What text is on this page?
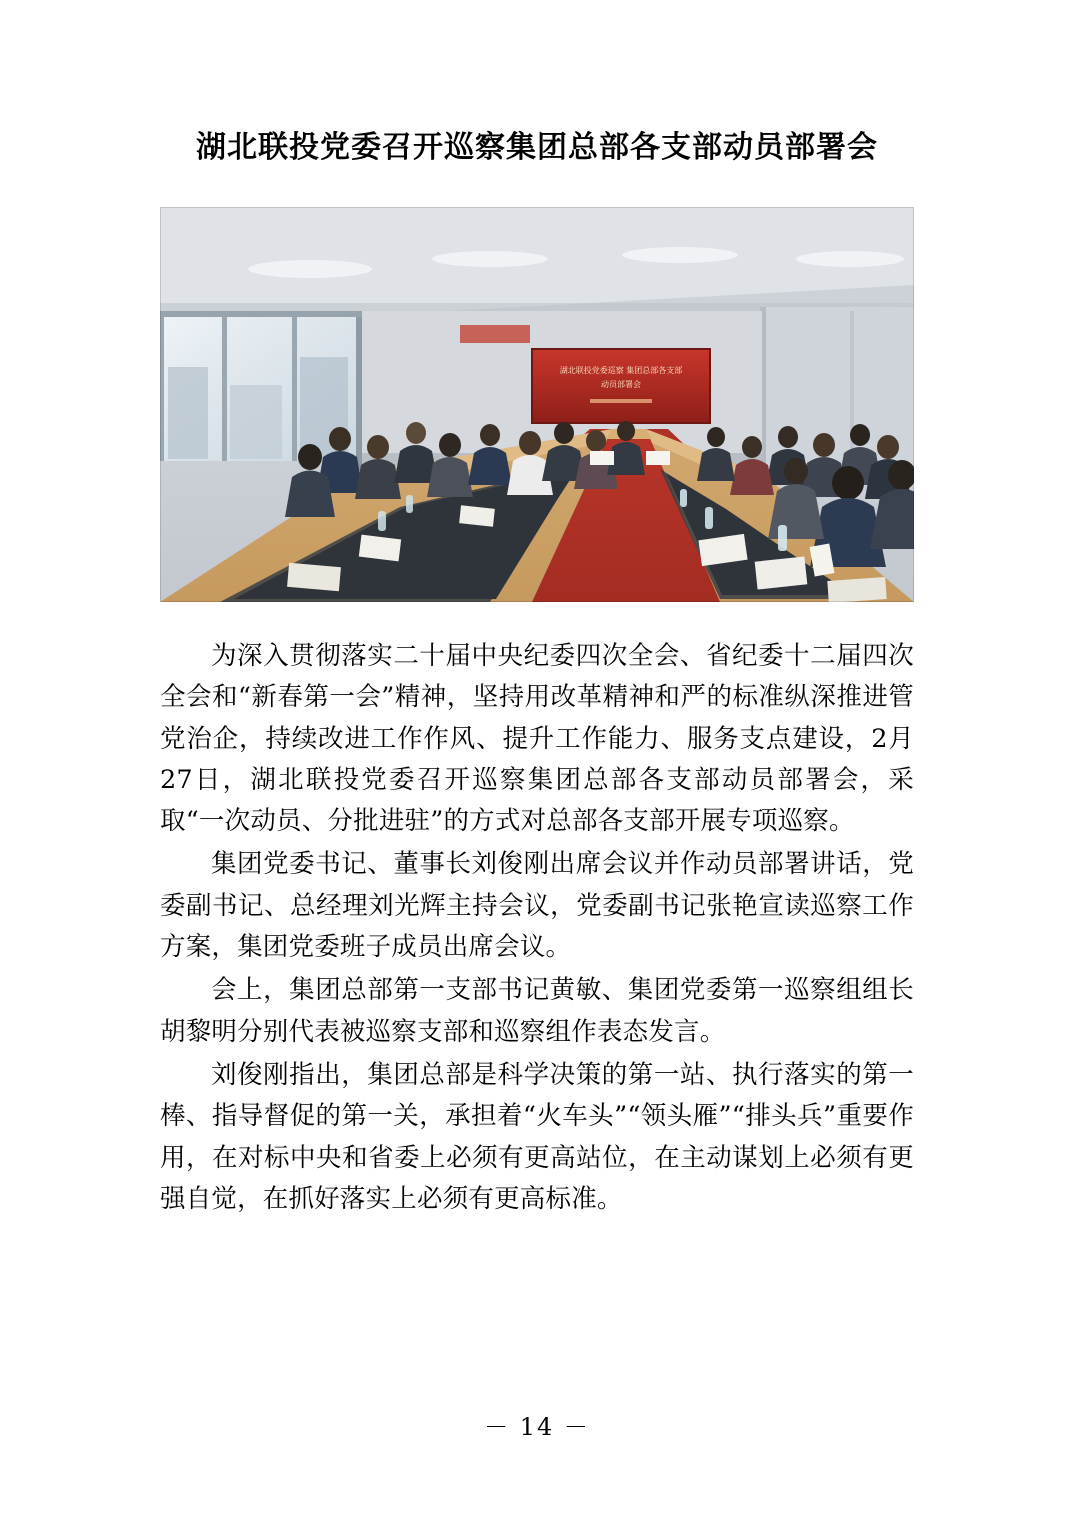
湖北联投党委召开巡察集团总部各支部动员部署会
湖北联投党委巡察 集团总部各支部
动员部署会

为深入贯彻落实二十届中央纪委四次全会、省纪委十二届四次全会和“新春第一会”精神，坚持用改革精神和严的标准纵深推进管党治企，持续改进工作作风、提升工作能力、服务支点建设，2月27日，湖北联投党委召开巡察集团总部各支部动员部署会，采取“一次动员、分批进驻”的方式对总部各支部开展专项巡察。

集团党委书记、董事长刘俊刚出席会议并作动员部署讲话，党委副书记、总经理刘光辉主持会议，党委副书记张艳宣读巡察工作方案，集团党委班子成员出席会议。

会上，集团总部第一支部书记黄敏、集团党委第一巡察组组长胡黎明分别代表被巡察支部和巡察组作表态发言。

刘俊刚指出，集团总部是科学决策的第一站、执行落实的第一棒、指导督促的第一关，承担着“火车头”“领头雁”“排头兵”重要作用，在对标中央和省委上必须有更高站位，在主动谋划上必须有更强自觉，在抓好落实上必须有更高标准。

－ 14 －
